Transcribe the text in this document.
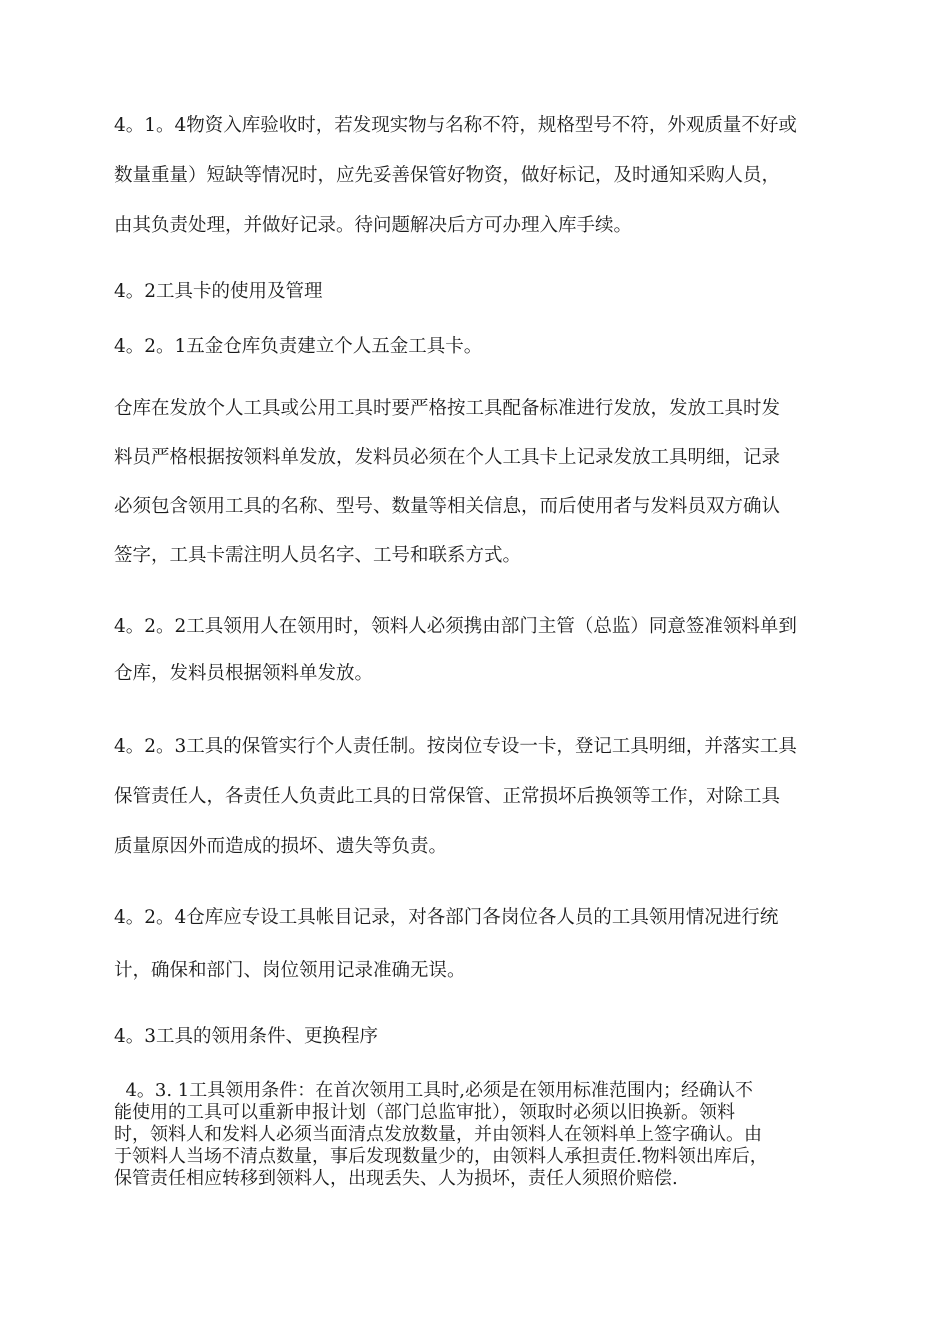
4。1。4物资入库验收时，若发现实物与名称不符，规格型号不符，外观质量不好或
数量重量）短缺等情况时，应先妥善保管好物资，做好标记，及时通知采购人员，
由其负责处理，并做好记录。待问题解决后方可办理入库手续。
4。2工具卡的使用及管理
4。2。1五金仓库负责建立个人五金工具卡。
仓库在发放个人工具或公用工具时要严格按工具配备标准进行发放，发放工具时发
料员严格根据按领料单发放，发料员必须在个人工具卡上记录发放工具明细，记录
必须包含领用工具的名称、型号、数量等相关信息，而后使用者与发料员双方确认
签字，工具卡需注明人员名字、工号和联系方式。
4。2。2工具领用人在领用时，领料人必须携由部门主管（总监）同意签准领料单到
仓库，发料员根据领料单发放。
4。2。3工具的保管实行个人责任制。按岗位专设一卡，登记工具明细，并落实工具
保管责任人，各责任人负责此工具的日常保管、正常损坏后换领等工作，对除工具
质量原因外而造成的损坏、遗失等负责。
4。2。4仓库应专设工具帐目记录，对各部门各岗位各人员的工具领用情况进行统
计，确保和部门、岗位领用记录准确无误。
4。3工具的领用条件、更换程序
4。3. 1工具领用条件：在首次领用工具时,必须是在领用标准范围内；经确认不
能使用的工具可以重新申报计划（部门总监审批），领取时必须以旧换新。领料
时，领料人和发料人必须当面清点发放数量，并由领料人在领料单上签字确认。由
于领料人当场不清点数量，事后发现数量少的，由领料人承担责任.物料领出库后，
保管责任相应转移到领料人，出现丢失、人为损坏，责任人须照价赔偿.
